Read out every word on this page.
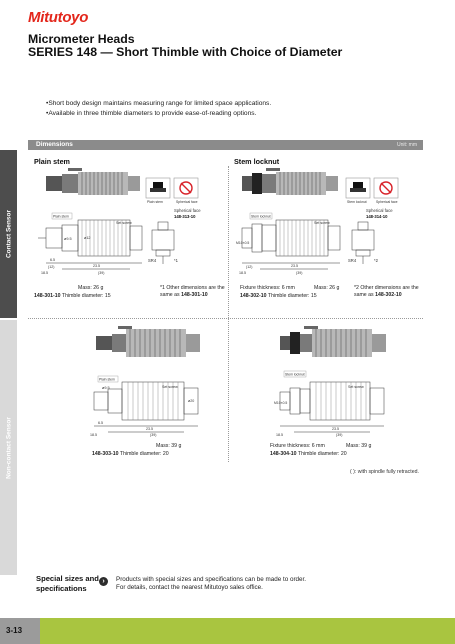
Mitutoyo
Micrometer Heads
SERIES 148 — Short Thimble with Choice of Diameter
• Short body design maintains measuring range for limited space applications.
• Available in three thimble diameters to provide ease-of-reading options.
Dimensions	Unit: mm
Contact Sensor
Non-contact Sensor
Plain stem	Stem locknut
Plain stem
ø9.5	ø12
Set screw
6.5
23.5
18.5	(39)
(12)
Plain stem	Spherical face
Spherical face
148-313-10
SR4	*1
Stem locknut
M10×0.5
Set screw
23.5
18.5	(39)
(12)
Stem locknut	Spherical face
Spherical face
148-314-10
SR4	*2
Mass: 26 g
148-301-10 Thimble diameter: 15
*1 Other dimensions are the same as 148-301-10
Fixture thickness: 6 mm	Mass: 26 g
148-302-10 Thimble diameter: 15
*2 Other dimensions are the same as 148-302-10
Plain stem
ø9.5	Set screw
ø20
6.5
23.5
18.5	(39)
Stem locknut
M10×0.5
Set screw
23.5
18.5	(39)
Mass: 39 g
148-303-10 Thimble diameter: 20
Fixture thickness: 6 mm	Mass: 39 g
148-304-10 Thimble diameter: 20
( ): with spindle fully retracted.
Special sizes and
specifications
›	Products with special sizes and specifications can be made to order.
For details, contact the nearest Mitutoyo sales office.
3-13
